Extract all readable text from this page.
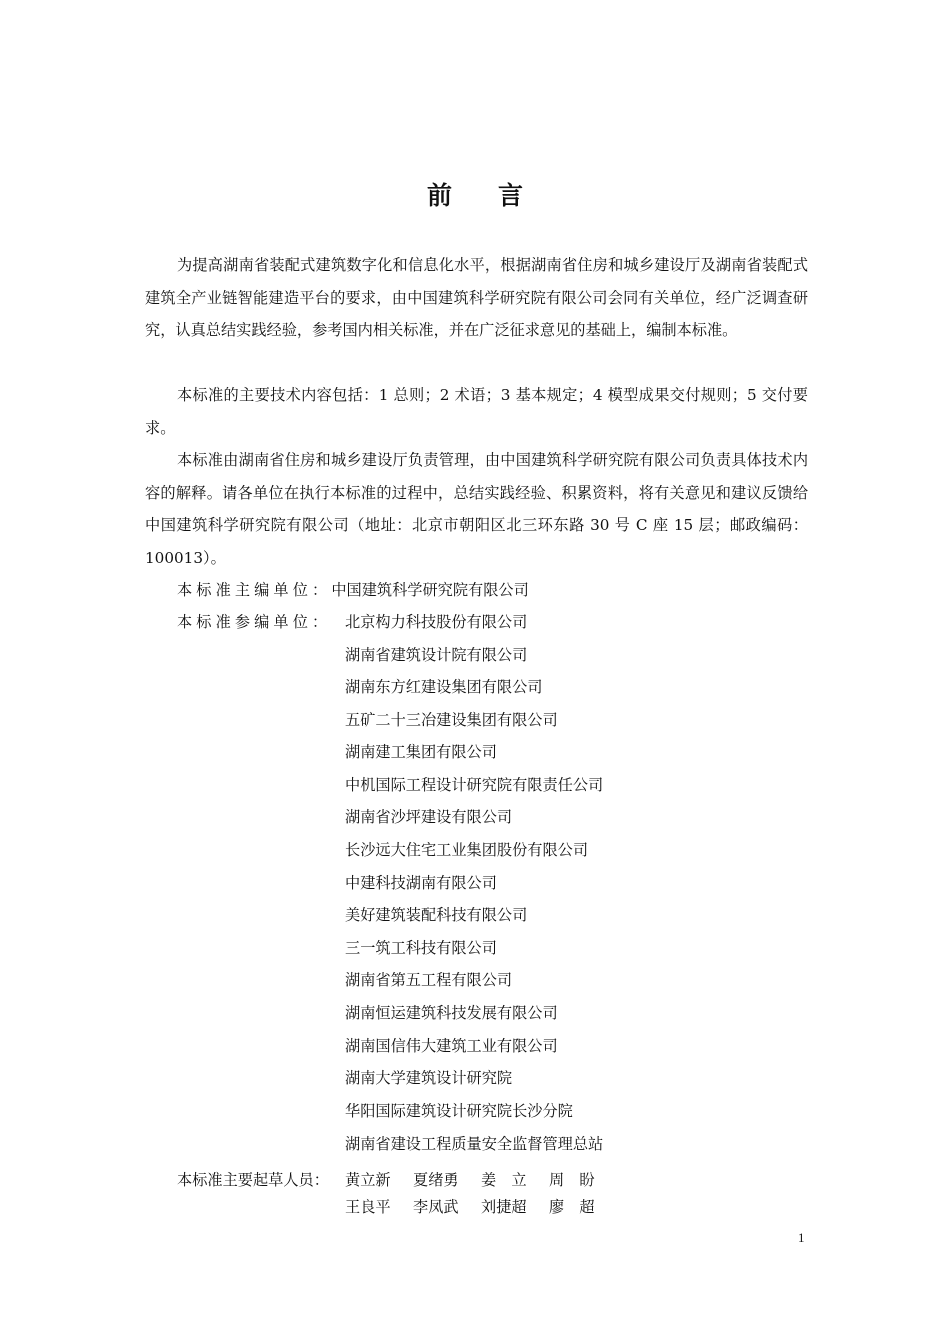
前 言

为提高湖南省装配式建筑数字化和信息化水平，根据湖南省住房和城乡建设厅及湖南省装配式建筑全产业链智能建造平台的要求，由中国建筑科学研究院有限公司会同有关单位，经广泛调查研究，认真总结实践经验，参考国内相关标准，并在广泛征求意见的基础上，编制本标准。

本标准的主要技术内容包括：1 总则；2 术语；3 基本规定；4 模型成果交付规则；5 交付要求。

本标准由湖南省住房和城乡建设厅负责管理，由中国建筑科学研究院有限公司负责具体技术内容的解释。请各单位在执行本标准的过程中，总结实践经验、积累资料，将有关意见和建议反馈给中国建筑科学研究院有限公司（地址：北京市朝阳区北三环东路 30 号 C 座 15 层；邮政编码：100013）。

本标准主编单位：中国建筑科学研究院有限公司
本标准参编单位： 北京构力科技股份有限公司
湖南省建筑设计院有限公司
湖南东方红建设集团有限公司
五矿二十三冶建设集团有限公司
湖南建工集团有限公司
中机国际工程设计研究院有限责任公司
湖南省沙坪建设有限公司
长沙远大住宅工业集团股份有限公司
中建科技湖南有限公司
美好建筑装配科技有限公司
三一筑工科技有限公司
湖南省第五工程有限公司
湖南恒运建筑科技发展有限公司
湖南国信伟大建筑工业有限公司
湖南大学建筑设计研究院
华阳国际建筑设计研究院长沙分院
湖南省建设工程质量安全监督管理总站
本标准主要起草人员： 黄立新 夏绪勇 姜　立 周　盼
王良平 李凤武 刘捷超 廖　超
1
